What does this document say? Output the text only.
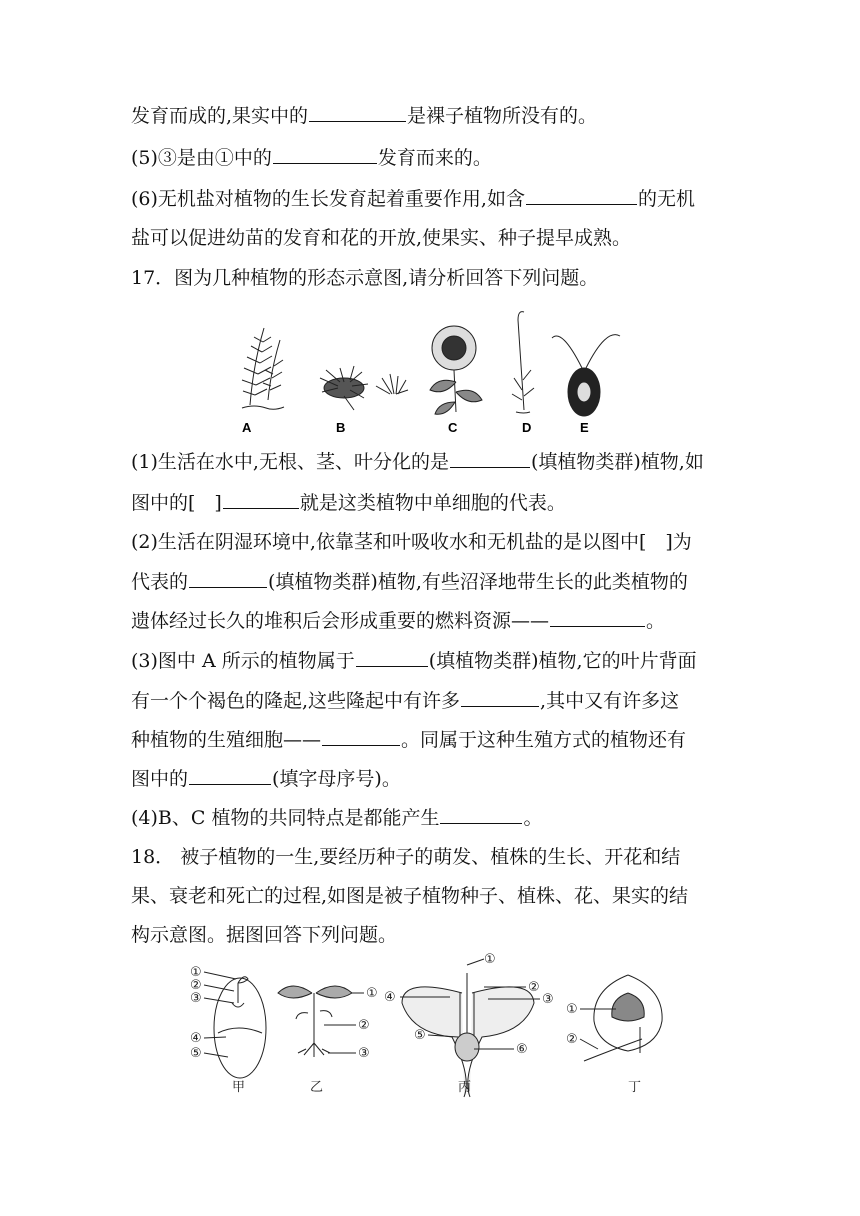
发育而成的,果实中的	是裸子植物所没有的。
(5)③是由①中的	发育而来的。
(6)无机盐对植物的生长发育起着重要作用,如含	的无机
盐可以促进幼苗的发育和花的开放,使果实、种子提早成熟。
17．图为几种植物的形态示意图,请分析回答下列问题。
A	B	C	D	E
(1)生活在水中,无根、茎、叶分化的是	(填植物类群)植物,如
图中的[　]	就是这类植物中单细胞的代表。
(2)生活在阴湿环境中,依靠茎和叶吸收水和无机盐的是以图中[　]为
代表的	(填植物类群)植物,有些沼泽地带生长的此类植物的
遗体经过长久的堆积后会形成重要的燃料资源——	。
(3)图中 A 所示的植物属于	(填植物类群)植物,它的叶片背面
有一个个褐色的隆起,这些隆起中有许多	,其中又有许多这
种植物的生殖细胞——	。同属于这种生殖方式的植物还有
图中的	(填字母序号)。
(4)B、C 植物的共同特点是都能产生	。
18． 被子植物的一生,要经历种子的萌发、植株的生长、开花和结
果、衰老和死亡的过程,如图是被子植物种子、植株、花、果实的结
构示意图。据图回答下列问题。
①
②
③
④
⑤
①
②
③
①
②
③
④
⑤
⑥
①
②
甲	乙	丙	丁
